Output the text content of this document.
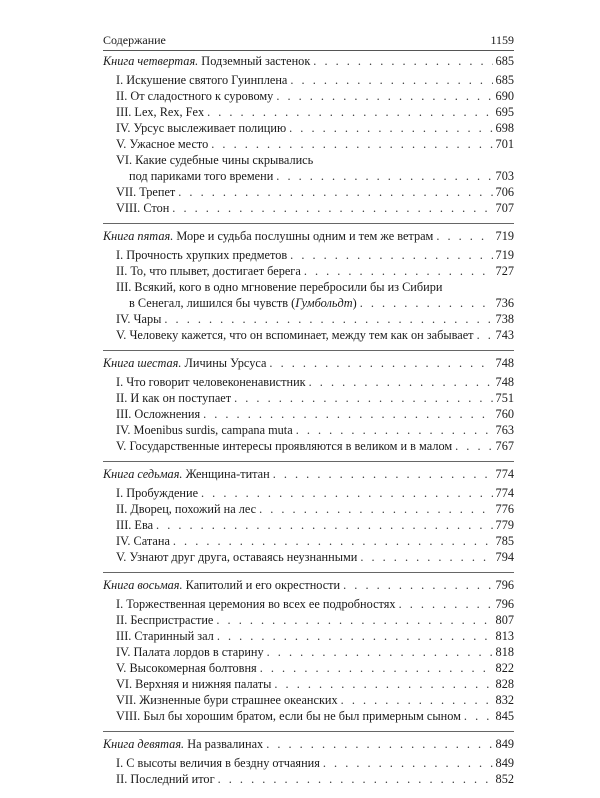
Содержание	1159
Книга четвертая. Подземный застенок . . .	685
I. Искушение святого Гуинплена . . .	685
II. От сладостного к суровому . . .	690
III. Lex, Rex, Fex . . .	695
IV. Урсус выслеживает полицию . . .	698
V. Ужасное место . . .	701
VI. Какие судебные чины скрывались
под париками того времени . . .	703
VII. Трепет . . .	706
VIII. Стон . . .	707
Книга пятая. Море и судьба послушны одним и тем же ветрам . . .	719
I. Прочность хрупких предметов . . .	719
II. То, что плывет, достигает берега . . .	727
III. Всякий, кого в одно мгновение перебросили бы из Сибири
в Сенегал, лишился бы чувств (Гумбольдт) . . .	736
IV. Чары . . .	738
V. Человеку кажется, что он вспоминает, между тем как он забывает . . . 743
Книга шестая. Личины Урсуса . . .	748
I. Что говорит человеконенавистник . . .	748
II. И как он поступает . . .	751
III. Осложнения . . .	760
IV. Moenibus surdis, campana muta . . .	763
V. Государственные интересы проявляются в великом и в малом . . .	767
Книга седьмая. Женщина-титан . . .	774
I. Пробуждение . . .	774
II. Дворец, похожий на лес . . .	776
III. Ева . . .	779
IV. Сатана . . .	785
V. Узнают друг друга, оставаясь неузнанными . . .	794
Книга восьмая. Капитолий и его окрестности . . .	796
I. Торжественная церемония во всех ее подробностях . . .	796
II. Беспристрастие . . .	807
III. Старинный зал . . .	813
IV. Палата лордов в старину . . .	818
V. Высокомерная болтовня . . .	822
VI. Верхняя и нижняя палаты . . .	828
VII. Жизненные бури страшнее океанских . . .	832
VIII. Был бы хорошим братом, если бы не был примерным сыном . . .	845
Книга девятая. На развалинах . . .	849
I. С высоты величия в бездну отчаяния . . .	849
II. Последний итог . . .	852
